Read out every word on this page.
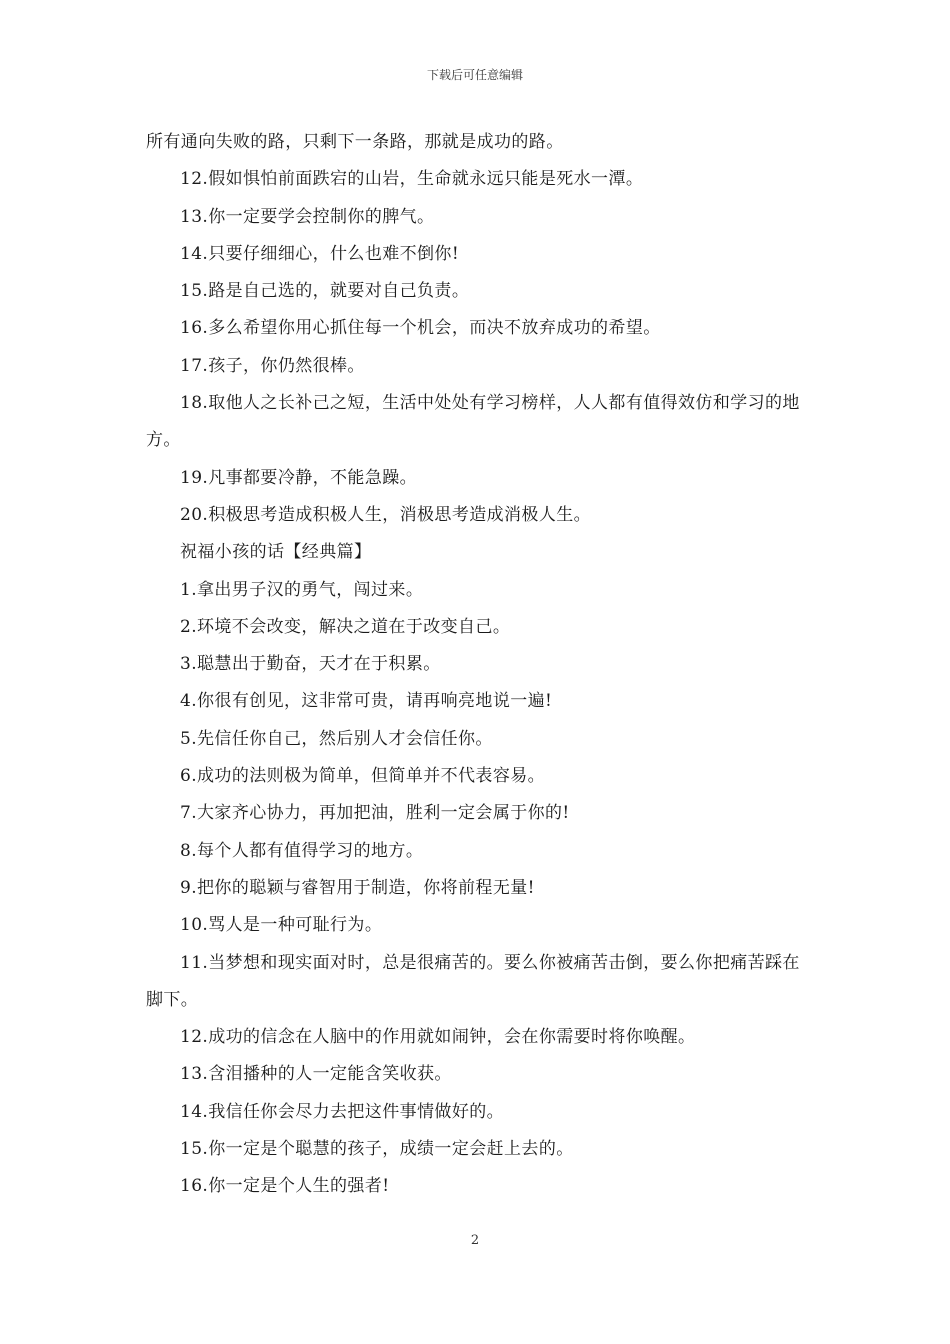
下载后可任意编辑

所有通向失败的路，只剩下一条路，那就是成功的路。

12.假如惧怕前面跌宕的山岩，生命就永远只能是死水一潭。

13.你一定要学会控制你的脾气。

14.只要仔细细心，什么也难不倒你!

15.路是自己选的，就要对自己负责。

16.多么希望你用心抓住每一个机会，而决不放弃成功的希望。

17.孩子，你仍然很棒。

18.取他人之长补己之短，生活中处处有学习榜样，人人都有值得效仿和学习的地方。

19.凡事都要冷静，不能急躁。

20.积极思考造成积极人生，消极思考造成消极人生。

祝福小孩的话【经典篇】

1.拿出男子汉的勇气，闯过来。

2.环境不会改变，解决之道在于改变自己。

3.聪慧出于勤奋，天才在于积累。

4.你很有创见，这非常可贵，请再响亮地说一遍!

5.先信任你自己，然后别人才会信任你。

6.成功的法则极为简单，但简单并不代表容易。

7.大家齐心协力，再加把油，胜利一定会属于你的!

8.每个人都有值得学习的地方。

9.把你的聪颖与睿智用于制造，你将前程无量!

10.骂人是一种可耻行为。

11.当梦想和现实面对时，总是很痛苦的。要么你被痛苦击倒，要么你把痛苦踩在脚下。

12.成功的信念在人脑中的作用就如闹钟，会在你需要时将你唤醒。

13.含泪播种的人一定能含笑收获。

14.我信任你会尽力去把这件事情做好的。

15.你一定是个聪慧的孩子，成绩一定会赶上去的。

16.你一定是个人生的强者!

2
